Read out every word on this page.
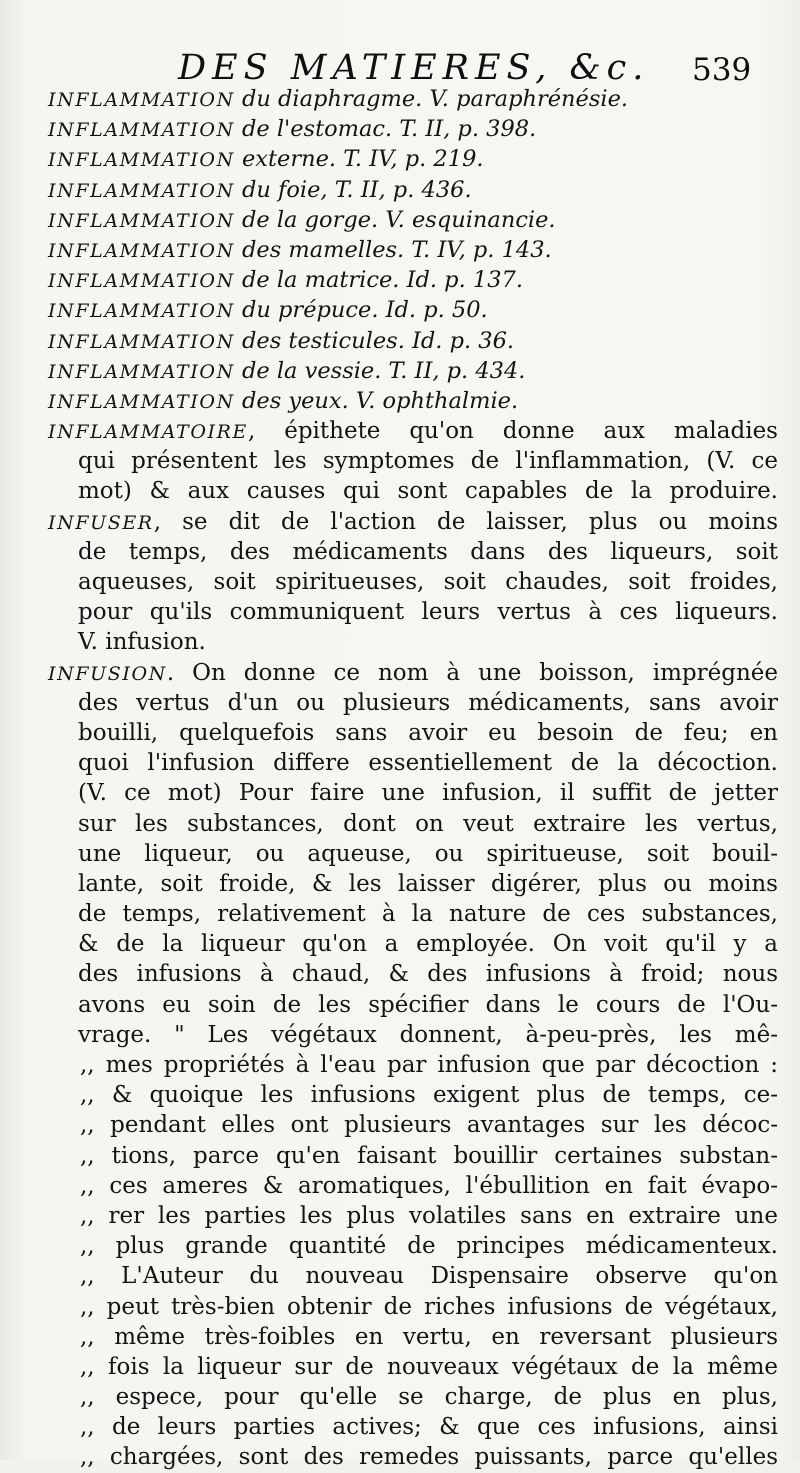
DES MATIERES, &c. 539
INFLAMMATION du diaphragme. V. paraphrénésie.
INFLAMMATION de l'estomac. T. II, p. 398.
INFLAMMATION externe. T. IV, p. 219.
INFLAMMATION du foie, T. II, p. 436.
INFLAMMATION de la gorge. V. esquinancie.
INFLAMMATION des mamelles. T. IV, p. 143.
INFLAMMATION de la matrice. Id. p. 137.
INFLAMMATION du prépuce. Id. p. 50.
INFLAMMATION des testicules. Id. p. 36.
INFLAMMATION de la vessie. T. II, p. 434.
INFLAMMATION des yeux. V. ophthalmie.
INFLAMMATOIRE, épithete qu'on donne aux maladies
qui présentent les symptomes de l'inflammation, (V. ce
mot) & aux causes qui sont capables de la produire.
INFUSER, se dit de l'action de laisser, plus ou moins
de temps, des médicaments dans des liqueurs, soit
aqueuses, soit spiritueuses, soit chaudes, soit froides,
pour qu'ils communiquent leurs vertus à ces liqueurs.
V. infusion.
INFUSION. On donne ce nom à une boisson, imprégnée
des vertus d'un ou plusieurs médicaments, sans avoir
bouilli, quelquefois sans avoir eu besoin de feu; en
quoi l'infusion differe essentiellement de la décoction.
(V. ce mot) Pour faire une infusion, il suffit de jetter
sur les substances, dont on veut extraire les vertus,
une liqueur, ou aqueuse, ou spiritueuse, soit bouil-
lante, soit froide, & les laisser digérer, plus ou moins
de temps, relativement à la nature de ces substances,
& de la liqueur qu'on a employée. On voit qu'il y a
des infusions à chaud, & des infusions à froid; nous
avons eu soin de les spécifier dans le cours de l'Ou-
vrage. " Les végétaux donnent, à-peu-près, les mê-
,, mes propriétés à l'eau par infusion que par décoction :
,, & quoique les infusions exigent plus de temps, ce-
,, pendant elles ont plusieurs avantages sur les décoc-
,, tions, parce qu'en faisant bouillir certaines substan-
,, ces ameres & aromatiques, l'ébullition en fait évapo-
,, rer les parties les plus volatiles sans en extraire une
,, plus grande quantité de principes médicamenteux.
,, L'Auteur du nouveau Dispensaire observe qu'on
,, peut très-bien obtenir de riches infusions de végétaux,
,, même très-foibles en vertu, en reversant plusieurs
,, fois la liqueur sur de nouveaux végétaux de la même
,, espece, pour qu'elle se charge, de plus en plus,
,, de leurs parties actives; & que ces infusions, ainsi
,, chargées, sont des remedes puissants, parce qu'elles
